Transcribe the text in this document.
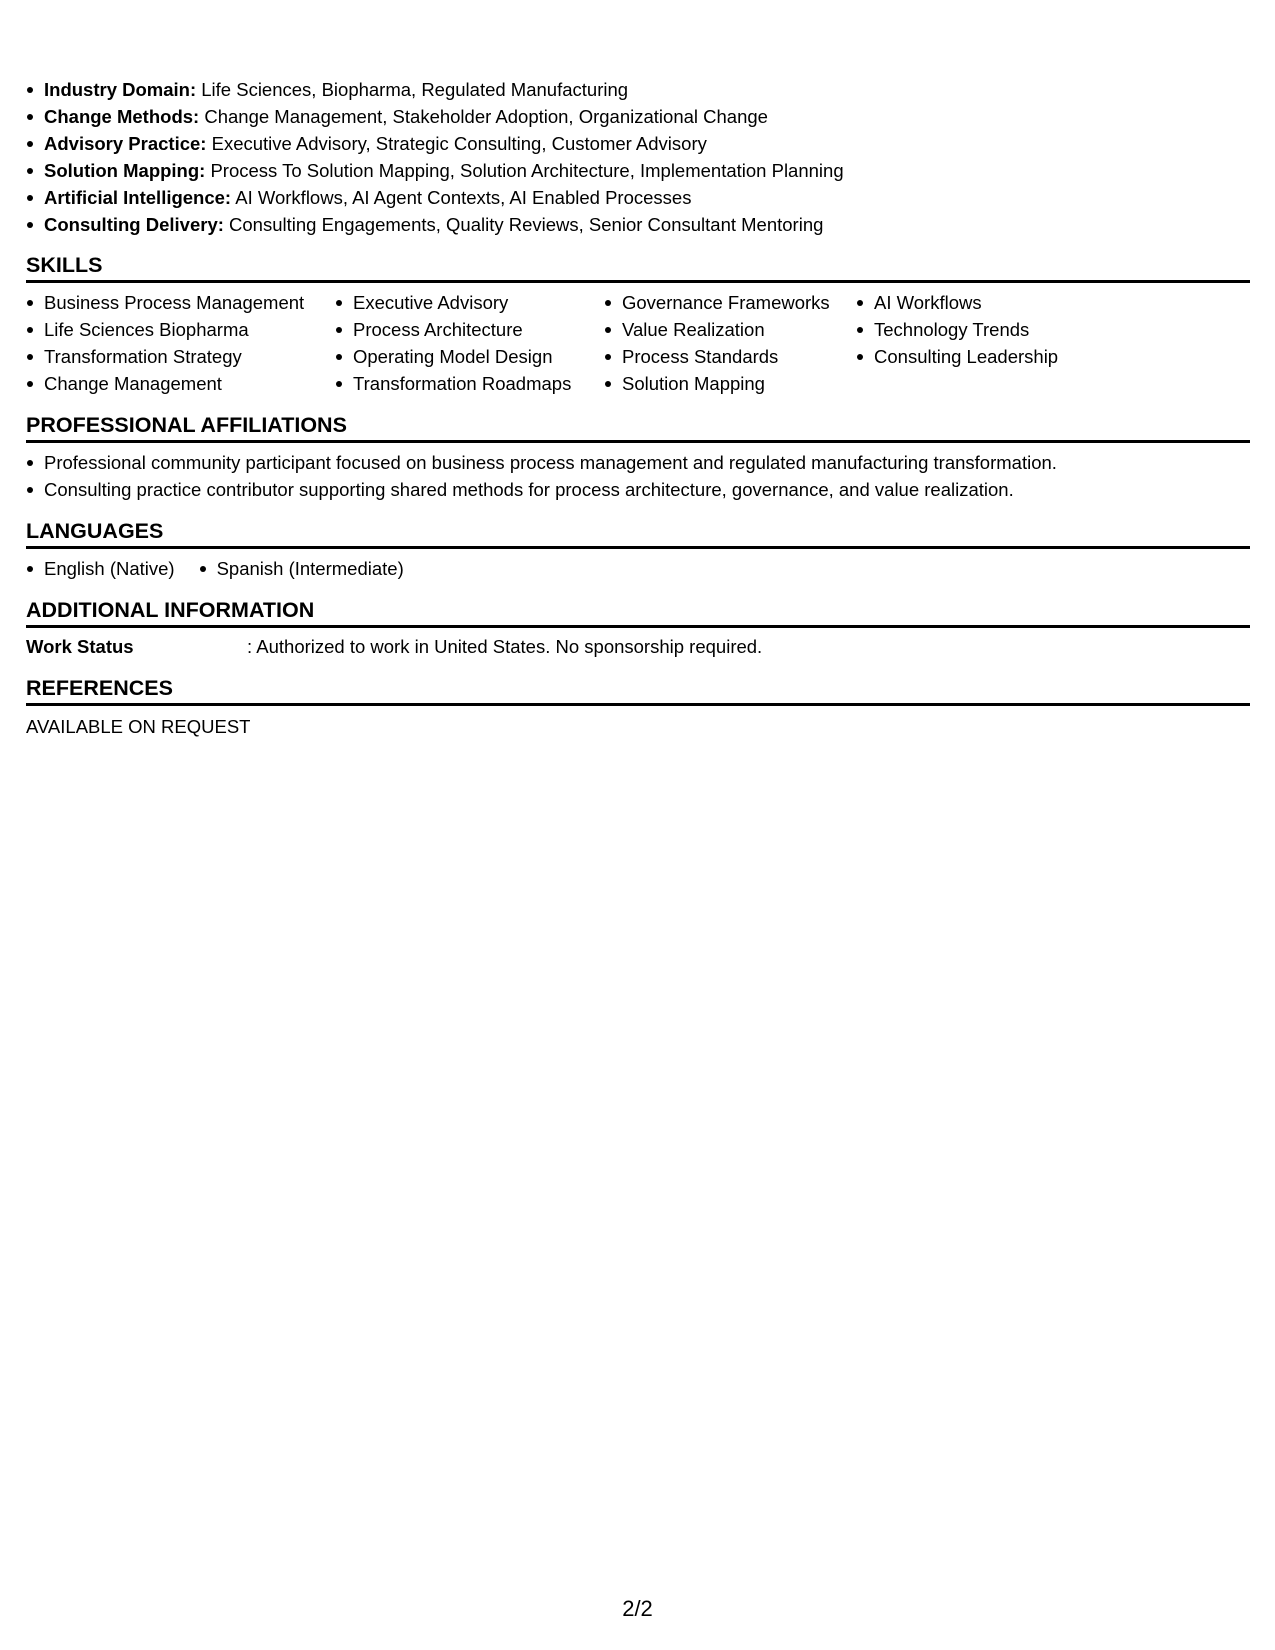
Industry Domain: Life Sciences, Biopharma, Regulated Manufacturing
Change Methods: Change Management, Stakeholder Adoption, Organizational Change
Advisory Practice: Executive Advisory, Strategic Consulting, Customer Advisory
Solution Mapping: Process To Solution Mapping, Solution Architecture, Implementation Planning
Artificial Intelligence: AI Workflows, AI Agent Contexts, AI Enabled Processes
Consulting Delivery: Consulting Engagements, Quality Reviews, Senior Consultant Mentoring
SKILLS
Business Process Management
Life Sciences Biopharma
Transformation Strategy
Change Management
Executive Advisory
Process Architecture
Operating Model Design
Transformation Roadmaps
Governance Frameworks
Value Realization
Process Standards
Solution Mapping
AI Workflows
Technology Trends
Consulting Leadership
PROFESSIONAL AFFILIATIONS
Professional community participant focused on business process management and regulated manufacturing transformation.
Consulting practice contributor supporting shared methods for process architecture, governance, and value realization.
LANGUAGES
English (Native)	Spanish (Intermediate)
ADDITIONAL INFORMATION
Work Status	: Authorized to work in United States. No sponsorship required.
REFERENCES
AVAILABLE ON REQUEST
2/2
